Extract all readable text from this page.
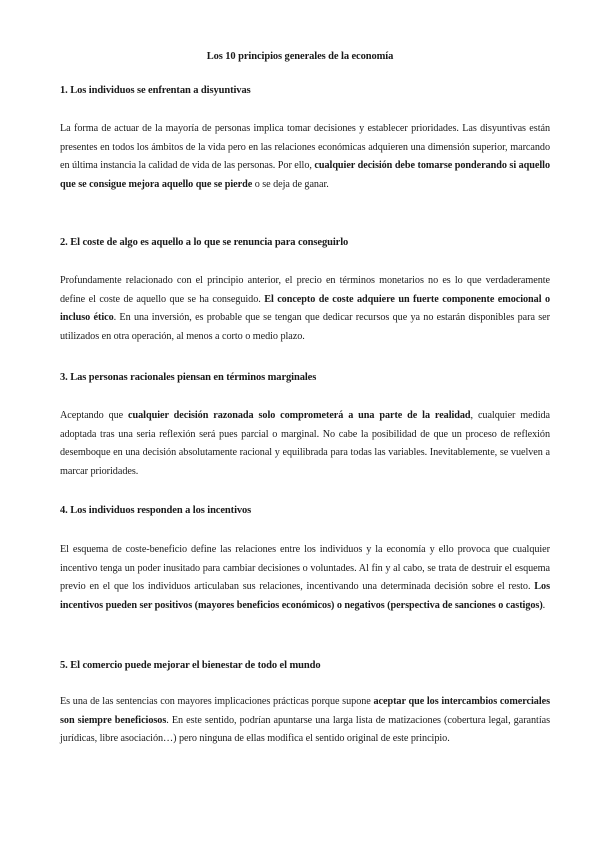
Los 10 principios generales de la economía
1. Los individuos se enfrentan a disyuntivas
La forma de actuar de la mayoría de personas implica tomar decisiones y establecer prioridades. Las disyuntivas están presentes en todos los ámbitos de la vida pero en las relaciones económicas adquieren una dimensión superior, marcando en última instancia la calidad de vida de las personas. Por ello, cualquier decisión debe tomarse ponderando si aquello que se consigue mejora aquello que se pierde o se deja de ganar.
2. El coste de algo es aquello a lo que se renuncia para conseguirlo
Profundamente relacionado con el principio anterior, el precio en términos monetarios no es lo que verdaderamente define el coste de aquello que se ha conseguido. El concepto de coste adquiere un fuerte componente emocional o incluso ético. En una inversión, es probable que se tengan que dedicar recursos que ya no estarán disponibles para ser utilizados en otra operación, al menos a corto o medio plazo.
3. Las personas racionales piensan en términos marginales
Aceptando que cualquier decisión razonada solo comprometerá a una parte de la realidad, cualquier medida adoptada tras una seria reflexión será pues parcial o marginal. No cabe la posibilidad de que un proceso de reflexión desemboque en una decisión absolutamente racional y equilibrada para todas las variables. Inevitablemente, se vuelven a marcar prioridades.
4. Los individuos responden a los incentivos
El esquema de coste-beneficio define las relaciones entre los individuos y la economía y ello provoca que cualquier incentivo tenga un poder inusitado para cambiar decisiones o voluntades. Al fin y al cabo, se trata de destruir el esquema previo en el que los individuos articulaban sus relaciones, incentivando una determinada decisión sobre el resto. Los incentivos pueden ser positivos (mayores beneficios económicos) o negativos (perspectiva de sanciones o castigos).
5. El comercio puede mejorar el bienestar de todo el mundo
Es una de las sentencias con mayores implicaciones prácticas porque supone aceptar que los intercambios comerciales son siempre beneficiosos. En este sentido, podrían apuntarse una larga lista de matizaciones (cobertura legal, garantías jurídicas, libre asociación…) pero ninguna de ellas modifica el sentido original de este principio.
